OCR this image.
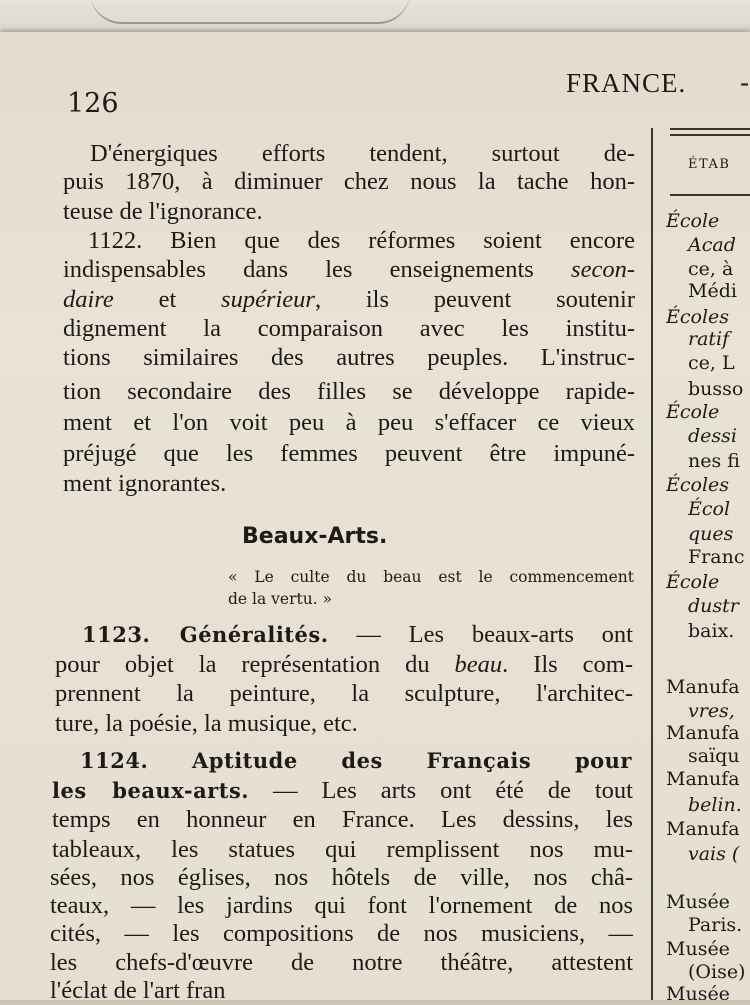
126
FRANCE. -
D'énergiques efforts tendent, surtout de-
puis 1870, à diminuer chez nous la tache hon-
teuse de l'ignorance.
1122. Bien que des réformes soient encore
indispensables dans les enseignements secon-
daire et supérieur, ils peuvent soutenir
dignement la comparaison avec les institu-
tions similaires des autres peuples. L'instruc-
tion secondaire des filles se développe rapide-
ment et l'on voit peu à peu s'effacer ce vieux
préjugé que les femmes peuvent être impuné-
ment ignorantes.
1123. Généralités. — Les beaux-arts ont
pour objet la représentation du beau. Ils com-
prennent la peinture, la sculpture, l'architec-
ture, la poésie, la musique, etc.
1124. Aptitude des Français pour
les beaux-arts. — Les arts ont été de tout
temps en honneur en France. Les dessins, les
tableaux, les statues qui remplissent nos mu-
sées, nos églises, nos hôtels de ville, nos châ-
teaux, — les jardins qui font l'ornement de nos
cités, — les compositions de nos musiciens, —
les chefs-d'œuvre de notre théâtre, attestent
l'éclat de l'art fran
Beaux-Arts.
« Le culte du beau est le commencement
de la vertu. »
ÉTAB
École
Acad
ce, à
Médi
Écoles
ratif
ce, L
busso
École
dessi
nes fi
Écoles
Écol
ques
Franc
École
dustr
baix.
Manufa
vres,
Manufa
saïqu
Manufa
belin.
Manufa
vais (
Musée
Paris.
Musée
(Oise)
Musée
